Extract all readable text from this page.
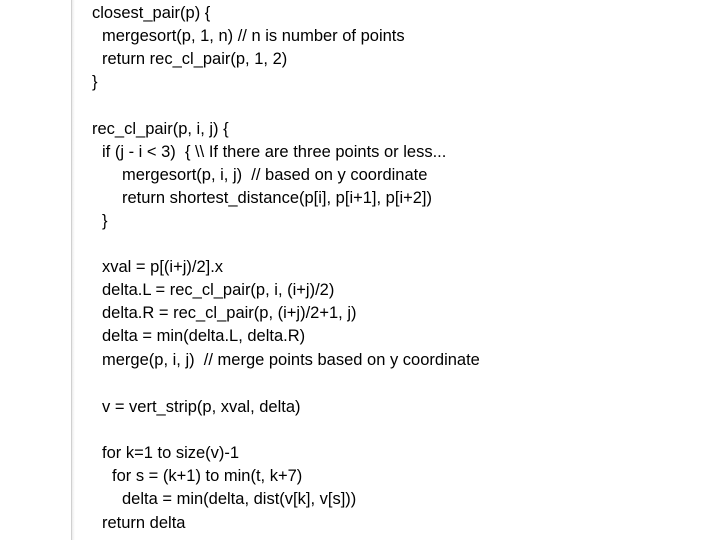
closest_pair(p) {
mergesort(p, 1, n) // n is number of points
return rec_cl_pair(p, 1, 2)
}
rec_cl_pair(p, i, j) {
if (j - i < 3)  { \\ If there are three points or less...
mergesort(p, i, j)  // based on y coordinate
return shortest_distance(p[i], p[i+1], p[i+2])
}
xval = p[(i+j)/2].x
delta.L = rec_cl_pair(p, i, (i+j)/2)
delta.R = rec_cl_pair(p, (i+j)/2+1, j)
delta = min(delta.L, delta.R)
merge(p, i, j)  // merge points based on y coordinate
v = vert_strip(p, xval, delta)
for k=1 to size(v)-1
for s = (k+1) to min(t, k+7)
delta = min(delta, dist(v[k], v[s]))
return delta
